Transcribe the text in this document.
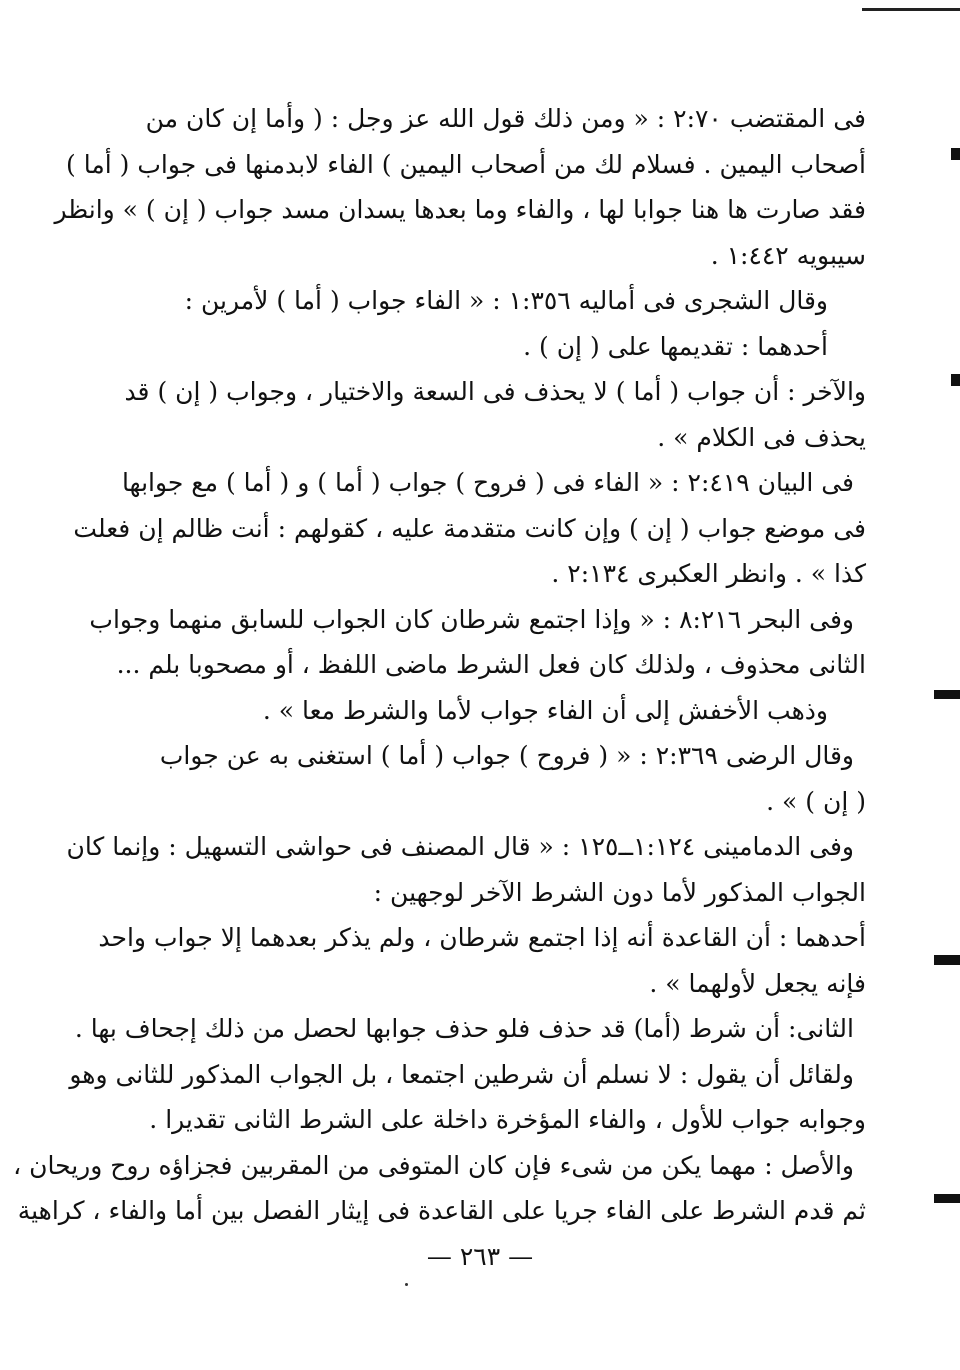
فى المقتضب ٢:٧٠ : « ومن ذلك قول الله عز وجل : ( وأما إن كان من
أصحاب اليمين . فسلام لك من أصحاب اليمين ) الفاء لابدمنها فى جواب ( أما )
فقد صارت ها هنا جوابا لها ، والفاء وما بعدها يسدان مسد جواب ( إن ) » وانظر
سيبويه ١:٤٤٢ .
وقال الشجرى فى أماليه ١:٣٥٦ : « الفاء جواب ( أما ) لأمرين :
أحدهما : تقديمها على ( إن ) .
والآخر : أن جواب ( أما ) لا يحذف فى السعة والاختيار ، وجواب ( إن ) قد
يحذف فى الكلام » .
فى البيان ٢:٤١٩ : « الفاء فى ( فروح ) جواب ( أما ) و ( أما ) مع جوابها
فى موضع جواب ( إن ) وإن كانت متقدمة عليه ، كقولهم : أنت ظالم إن فعلت
كذا » . وانظر العكبرى ٢:١٣٤ .
وفى البحر ٨:٢١٦ : « وإذا اجتمع شرطان كان الجواب للسابق منهما وجواب
الثانى محذوف ، ولذلك كان فعل الشرط ماضى اللفظ ، أو مصحوبا بلم ...
وذهب الأخفش إلى أن الفاء جواب لأما والشرط معا » .
وقال الرضى ٢:٣٦٩ : « ( فروح ) جواب ( أما ) استغنى به عن جواب
( إن ) » .
وفى الدمامينى ١:١٢٤ــ١٢٥ : « قال المصنف فى حواشى التسهيل : وإنما كان
الجواب المذكور لأما دون الشرط الآخر لوجهين :
أحدهما : أن القاعدة أنه إذا اجتمع شرطان ، ولم يذكر بعدهما إلا جواب واحد
فإنه يجعل لأولهما » .
الثانى: أن شرط (أما) قد حذف فلو حذف جوابها لحصل من ذلك إجحاف بها .
ولقائل أن يقول : لا نسلم أن شرطين اجتمعا ، بل الجواب المذكور للثانى وهو
وجوابه جواب للأول ، والفاء المؤخرة داخلة على الشرط الثانى تقديرا .
والأصل : مهما يكن من شىء فإن كان المتوفى من المقربين فجزاؤه روح وريحان ،
ثم قدم الشرط على الفاء جريا على القاعدة فى إيثار الفصل بين أما والفاء ، كراهية
— ٢٦٣ —
